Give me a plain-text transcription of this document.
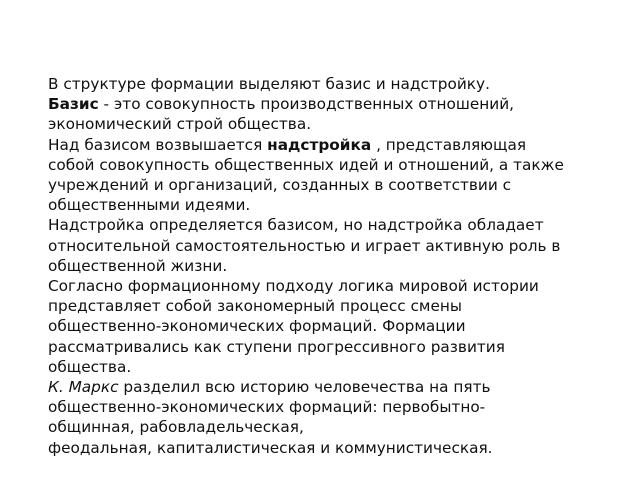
В структуре формации выделяют базис и надстройку.
Базис - это совокупность производственных отношений,
экономический строй общества.
Над базисом возвышается надстройка , представляющая
собой совокупность общественных идей и отношений, а также
учреждений и организаций, созданных в соответствии с
общественными идеями.
Надстройка определяется базисом, но надстройка обладает
относительной самостоятельностью и играет активную роль в
общественной жизни.
Согласно формационному подходу логика мировой истории
представляет собой закономерный процесс смены
общественно-экономических формаций. Формации
рассматривались как ступени прогрессивного развития
общества.
К. Маркс разделил всю историю человечества на пять
общественно-экономических формаций: первобытно-
общинная, рабовладельческая,
феодальная, капиталистическая и коммунистическая.
